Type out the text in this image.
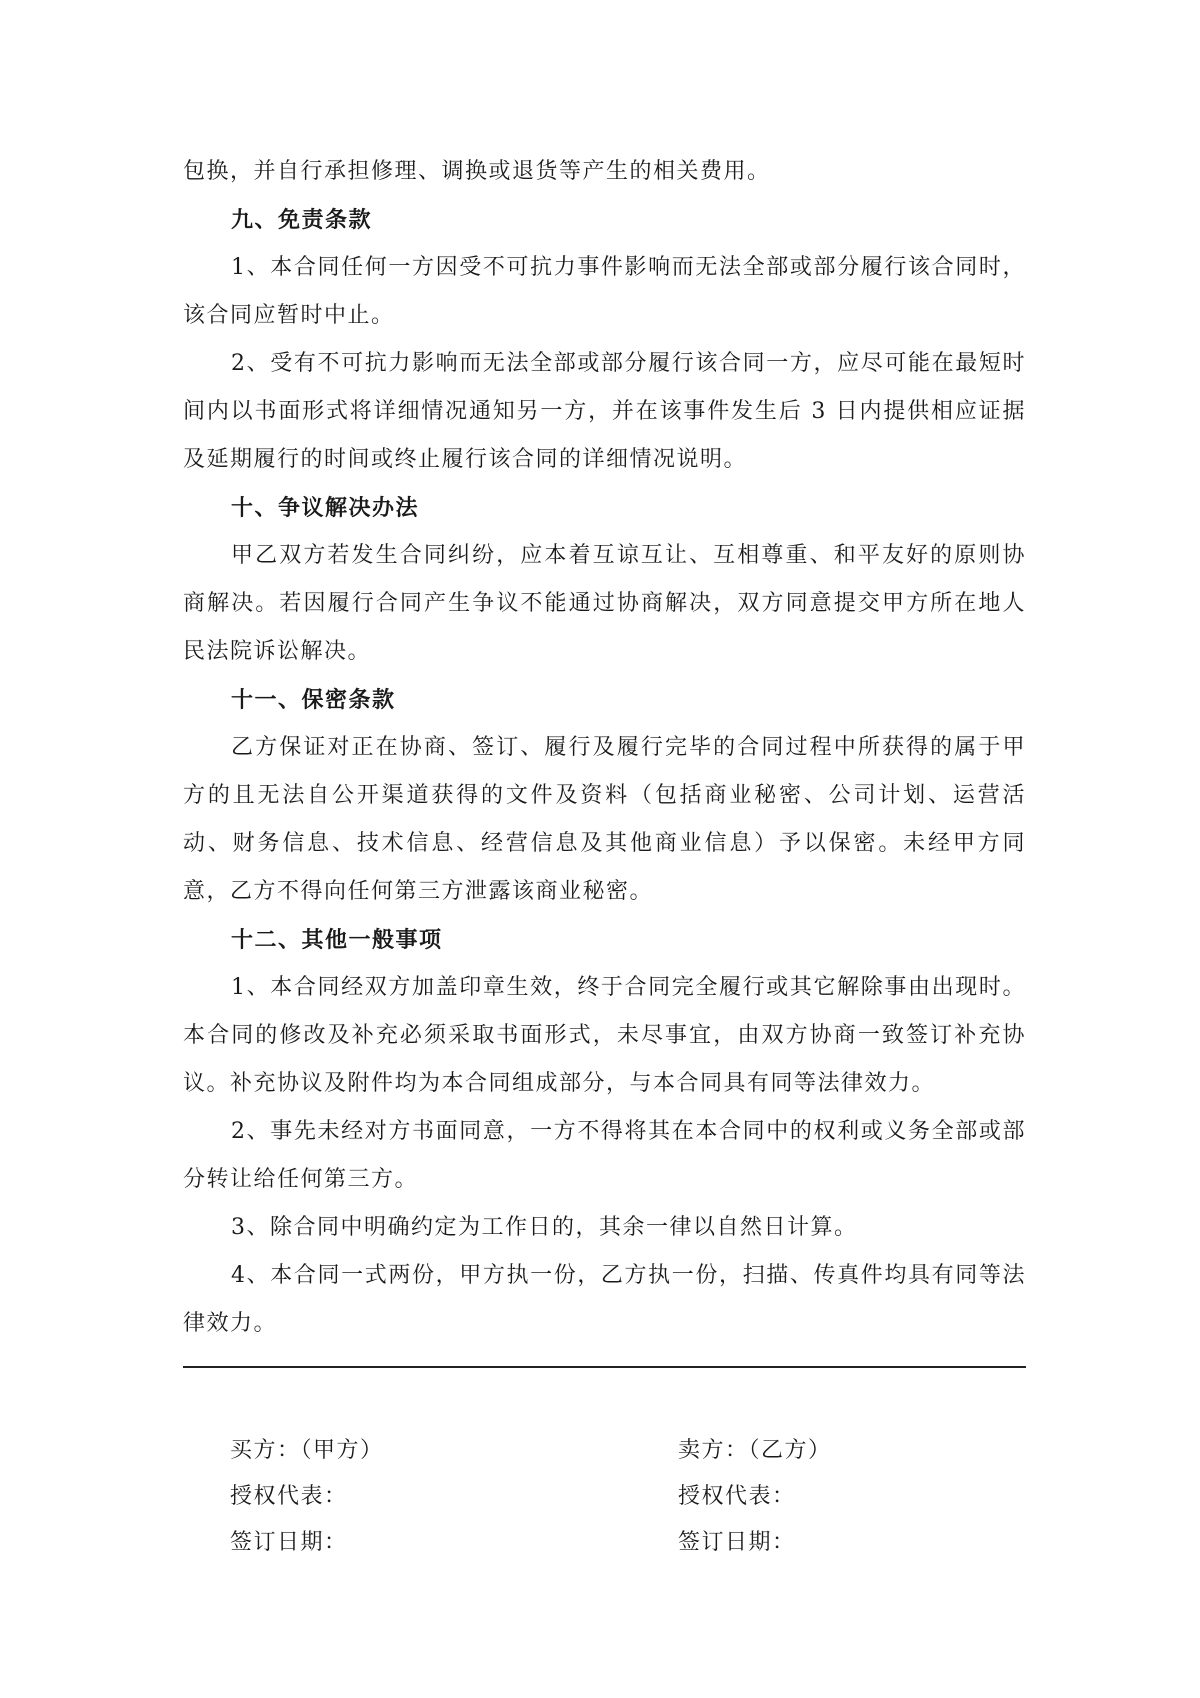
包换，并自行承担修理、调换或退货等产生的相关费用。

九、免责条款

1、本合同任何一方因受不可抗力事件影响而无法全部或部分履行该合同时，该合同应暂时中止。

2、受有不可抗力影响而无法全部或部分履行该合同一方，应尽可能在最短时间内以书面形式将详细情况通知另一方，并在该事件发生后 3 日内提供相应证据及延期履行的时间或终止履行该合同的详细情况说明。

十、争议解决办法

甲乙双方若发生合同纠纷，应本着互谅互让、互相尊重、和平友好的原则协商解决。若因履行合同产生争议不能通过协商解决，双方同意提交甲方所在地人民法院诉讼解决。

十一、保密条款

乙方保证对正在协商、签订、履行及履行完毕的合同过程中所获得的属于甲方的且无法自公开渠道获得的文件及资料（包括商业秘密、公司计划、运营活动、财务信息、技术信息、经营信息及其他商业信息）予以保密。未经甲方同意，乙方不得向任何第三方泄露该商业秘密。

十二、其他一般事项

1、本合同经双方加盖印章生效，终于合同完全履行或其它解除事由出现时。本合同的修改及补充必须采取书面形式，未尽事宜，由双方协商一致签订补充协议。补充协议及附件均为本合同组成部分，与本合同具有同等法律效力。

2、事先未经对方书面同意，一方不得将其在本合同中的权利或义务全部或部分转让给任何第三方。

3、除合同中明确约定为工作日的，其余一律以自然日计算。

4、本合同一式两份，甲方执一份，乙方执一份，扫描、传真件均具有同等法律效力。

买方：（甲方）
授权代表：
签订日期：
卖方：（乙方）
授权代表：
签订日期：
